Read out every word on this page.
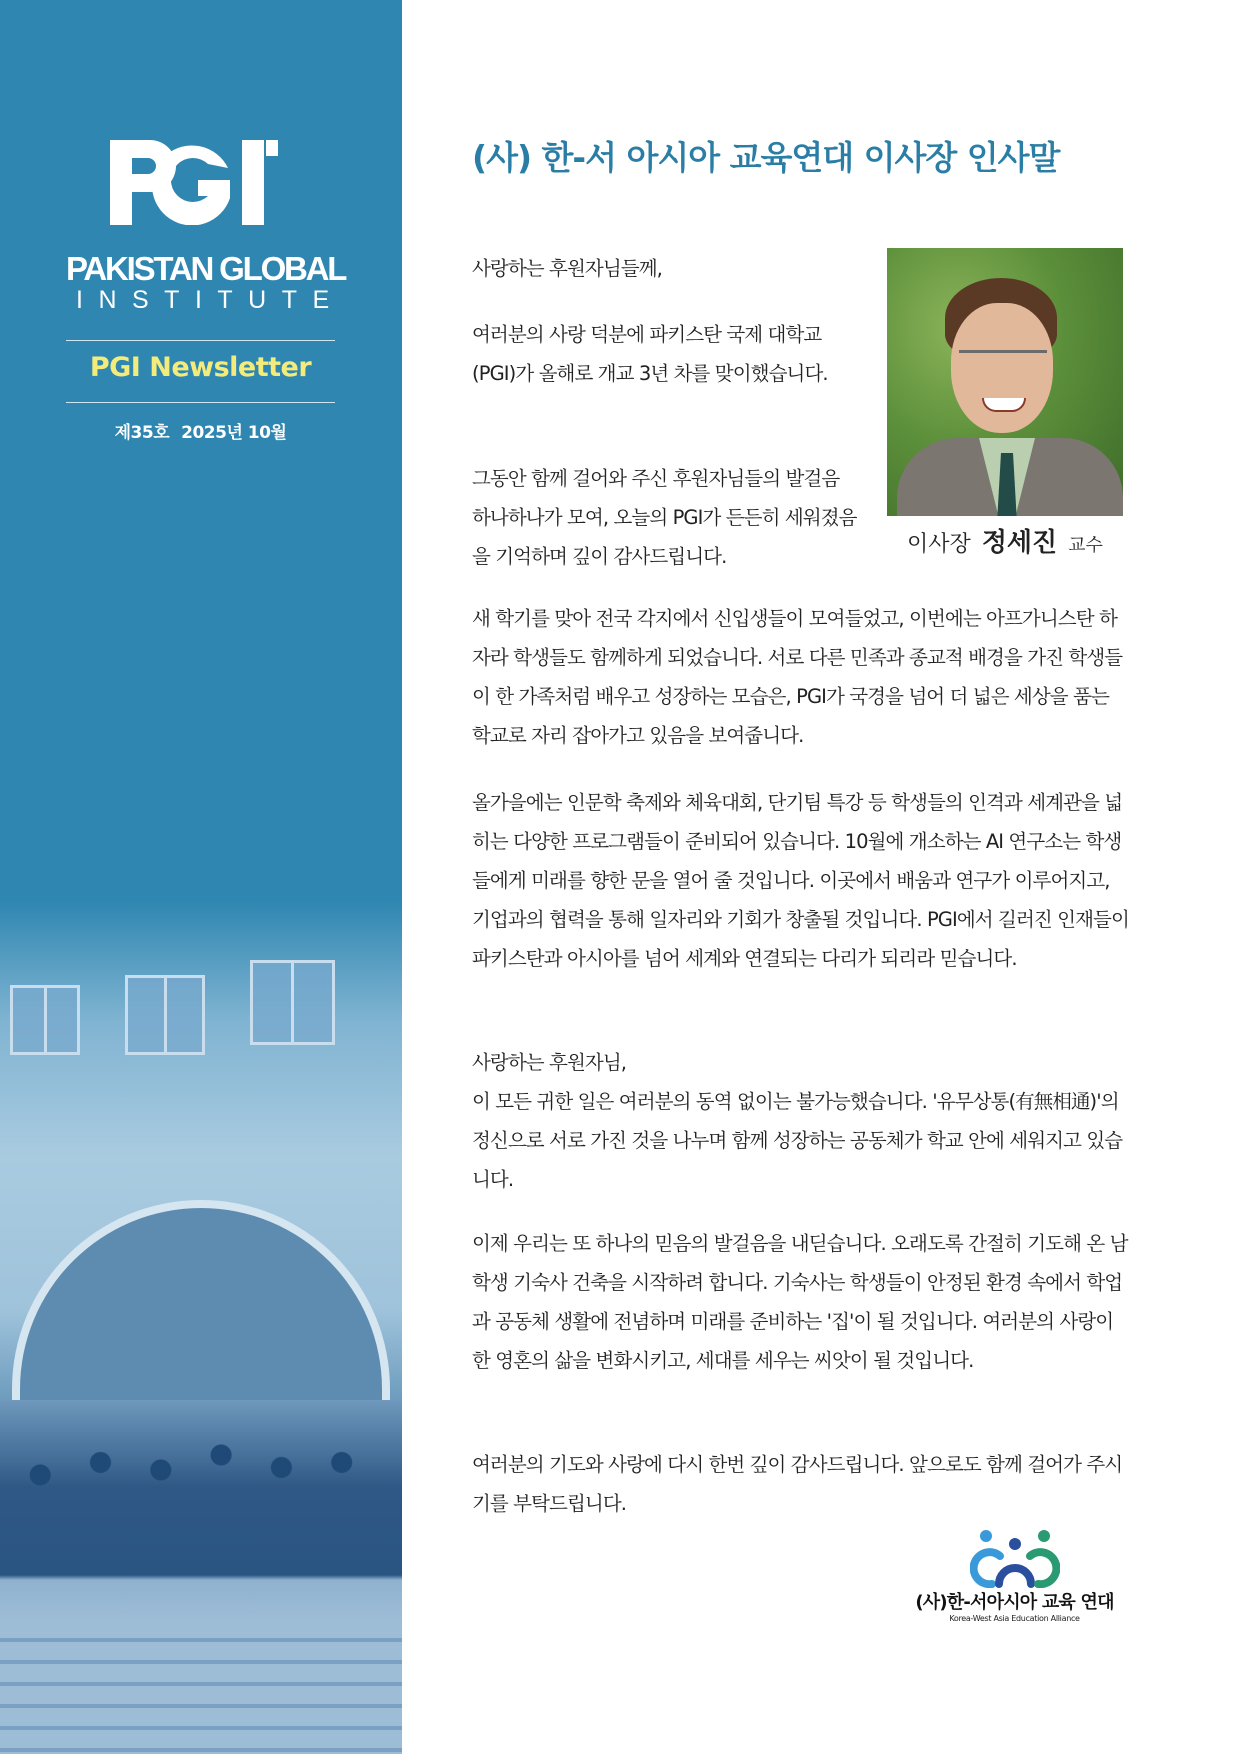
PAKISTAN GLOBAL
INSTITUTE
PGI Newsletter
제35호 2025년 10월
(사) 한-서 아시아 교육연대 이사장 인사말

사랑하는 후원자님들께,

여러분의 사랑 덕분에 파키스탄 국제 대학교(PGI)가 올해로 개교 3년 차를 맞이했습니다.

그동안 함께 걸어와 주신 후원자님들의 발걸음 하나하나가 모여, 오늘의 PGI가 든든히 세워졌음을 기억하며 깊이 감사드립니다.	이사장 정세진 교수

새 학기를 맞아 전국 각지에서 신입생들이 모여들었고, 이번에는 아프가니스탄 하자라 학생들도 함께하게 되었습니다. 서로 다른 민족과 종교적 배경을 가진 학생들이 한 가족처럼 배우고 성장하는 모습은, PGI가 국경을 넘어 더 넓은 세상을 품는 학교로 자리 잡아가고 있음을 보여줍니다.

올가을에는 인문학 축제와 체육대회, 단기팀 특강 등 학생들의 인격과 세계관을 넓히는 다양한 프로그램들이 준비되어 있습니다. 10월에 개소하는 AI 연구소는 학생들에게 미래를 향한 문을 열어 줄 것입니다. 이곳에서 배움과 연구가 이루어지고, 기업과의 협력을 통해 일자리와 기회가 창출될 것입니다. PGI에서 길러진 인재들이 파키스탄과 아시아를 넘어 세계와 연결되는 다리가 되리라 믿습니다.

사랑하는 후원자님,

이 모든 귀한 일은 여러분의 동역 없이는 불가능했습니다. '유무상통(有無相通)'의 정신으로 서로 가진 것을 나누며 함께 성장하는 공동체가 학교 안에 세워지고 있습니다.

이제 우리는 또 하나의 믿음의 발걸음을 내딛습니다. 오래도록 간절히 기도해 온 남학생 기숙사 건축을 시작하려 합니다. 기숙사는 학생들이 안정된 환경 속에서 학업과 공동체 생활에 전념하며 미래를 준비하는 '집'이 될 것입니다. 여러분의 사랑이 한 영혼의 삶을 변화시키고, 세대를 세우는 씨앗이 될 것입니다.

여러분의 기도와 사랑에 다시 한번 깊이 감사드립니다. 앞으로도 함께 걸어가 주시기를 부탁드립니다.

(사)한-서아시아 교육 연대
Korea-West Asia Education Alliance
